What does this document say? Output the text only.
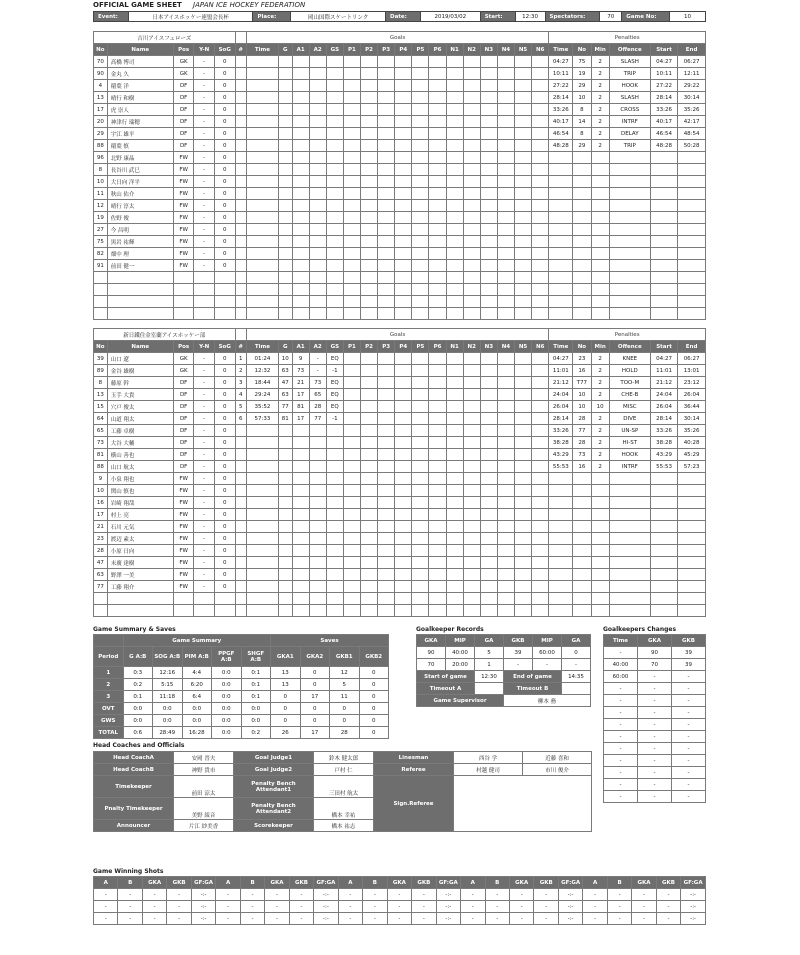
OFFICIAL GAME SHEET JAPAN ICE HOCKEY FEDERATION
Event:	日本アイスホッケー連盟会長杯	Place:	岡山国際スケートリンク	Date:	2019/03/02	Start:	12:30	Spectators:	70	Game No:	10
吉川アイスフェローズ						Goals																	Penalties					
No	Name	Pos	Y-N	SoG	#	Time	G	A1	A2	GS	P1	P2	P3	P4	P5	P6	N1	N2	N3	N4	N5	N6	Time	No	Min	Offence	Start	End
70	高橋 博司	GK	-	0																			04:27	75	2	SLASH	04:27	06:27
90	金丸 久	GK	-	0																			10:11	19	2	TRIP	10:11	12:11
4	稲葉 洋	DF	-	0																			27:22	29	2	HOOK	27:22	29:22
13	晴行 和樹	DF	-	0																			28:14	10	2	SLASH	28:14	30:14
17	虎 崇人	DF	-	0																			33:26	8	2	CROSS	33:26	35:26
20	神津行 瑞穂	DF	-	0																			40:17	14	2	INTRF	40:17	42:17
29	宇江 雄平	DF	-	0																			46:54	8	2	DELAY	46:54	48:54
88	稲葉 慎	DF	-	0																			48:28	29	2	TRIP	48:28	50:28
96	北野 康晶	FW	-	0																								
8	長谷川 武巳	FW	-	0																								
10	大日向 洋平	FW	-	0																								
11	秋山 佑介	FW	-	0																								
12	晴行 淳太	FW	-	0																								
19	佐野 俊	FW	-	0																								
27	今 昌明	FW	-	0																								
75	黒岩 祐輝	FW	-	0																								
82	畑中 理	FW	-	0																								
91	前田 健一	FW	-	0																								

新日鐵住金室蘭アイスホッケー部						Goals																	Penalties					
No	Name	Pos	Y-N	SoG	#	Time	G	A1	A2	GS	P1	P2	P3	P4	P5	P6	N1	N2	N3	N4	N5	N6	Time	No	Min	Offence	Start	End
39	山口 遼	GK	-	0	1	01:24	10	9	-	EQ													04:27	23	2	KNEE	04:27	06:27
89	金谷 雄樹	GK	-	0	2	12:32	63	73	-	-1													11:01	16	2	HOLD	11:01	13:01
8	藤原 幹	DF	-	0	3	18:44	47	21	73	EQ													21:12	T77	2	TOO-M	21:12	23:12
13	玉手 大貴	DF	-	0	4	29:24	63	17	65	EQ													24:04	10	2	CHE-B	24:04	26:04
15	穴戸 俊太	DF	-	0	5	35:52	77	81	28	EQ													26:04	10	10	MISC	26:04	36:44
64	山道 翔太	DF	-	0	6	57:33	81	17	77	-1													28:14	28	2	DIVE	28:14	30:14
65	工藤 卓樹	DF	-	0																			33:26	77	2	UN-SP	33:26	35:26
73	大谷 大輔	DF	-	0																			38:28	28	2	HI-ST	38:28	40:28
81	横山 善也	DF	-	0																			43:29	73	2	HOOK	43:29	45:29
88	山口 航太	DF	-	0																			55:53	16	2	INTRF	55:53	57:23
9	小泉 翔也	FW	-	0																								
10	関山 慎也	FW	-	0																								
16	岩崎 翔哉	FW	-	0																								
17	村上 亮	FW	-	0																								
21	石川 元気	FW	-	0																								
23	渡辺 素太	FW	-	0																								
28	小原 日向	FW	-	0																								
47	末廣 達樹	FW	-	0																								
63	野澤 一美	FW	-	0																								
77	工藤 翔介	FW	-	0																								

Game Summary & Saves
	Game Summary					Saves			
Period	G A:B	SOG A:B	PIM A:B	PPGF A:B	SHGF A:B	GKA1	GKA2	GKB1	GKB2
1	0:3	12:16	4:4	0:0	0:1	13	0	12	0
2	0:2	5:15	6:20	0:0	0:1	13	0	5	0
3	0:1	11:18	6:4	0:0	0:1	0	17	11	0
OVT	0:0	0:0	0:0	0:0	0:0	0	0	0	0
GWS	0:0	0:0	0:0	0:0	0:0	0	0	0	0
TOTAL	0:6	28:49	16:28	0:0	0:2	26	17	28	0
Goalkeeper Records
GKA	MIP	GA	GKB	MIP	GA
90	40:00	5	39	60:00	0
70	20:00	1	-	-	-
Start of game		12:30	End of game		14:35
Timeout A			Timeout B		
Game Supervisor			柳本 務		
Goalkeepers Changes
Time	GKA	GKB
-	90	39
40:00	70	39
60:00	-	-
-	-	-
-	-	-
-	-	-
-	-	-
-	-	-
-	-	-
-	-	-
-	-	-
-	-	-
-	-	-
Head Coaches and Officials
Head CoachA	安岡 晋夫	Goal Judge1	鈴木 健太郎	Linesman	西谷 学	近藤 喜和
Head CoachB	神野 貴市	Goal Judge2	戸村 仁	Referee	村越 健司	市川 俊介
Timekeeper	前田 涼太	Penalty Bench Attendant1	三田村 航太	Sign.Referee		
Pnalty Timekeeper	美野 綾音	Penalty Bench Attendant2	橋本 幸祐			
Announcer	片江 紗美香	Scorekeeper	橋本 祐志			
Game Winning Shots
A	B	GKA	GKB	GF:GA	A	B	GKA	GKB	GF:GA	A	B	GKA	GKB	GF:GA	A	B	GKA	GKB	GF:GA	A	B	GKA	GKB	GF:GA
-	-	-	-	-:-	-	-	-	-	-:-	-	-	-	-	-:-	-	-	-	-	-:-	-	-	-	-	-:-
-	-	-	-	-:-	-	-	-	-	-:-	-	-	-	-	-:-	-	-	-	-	-:-	-	-	-	-	-:-
-	-	-	-	-:-	-	-	-	-	-:-	-	-	-	-	-:-	-	-	-	-	-:-	-	-	-	-	-:-
